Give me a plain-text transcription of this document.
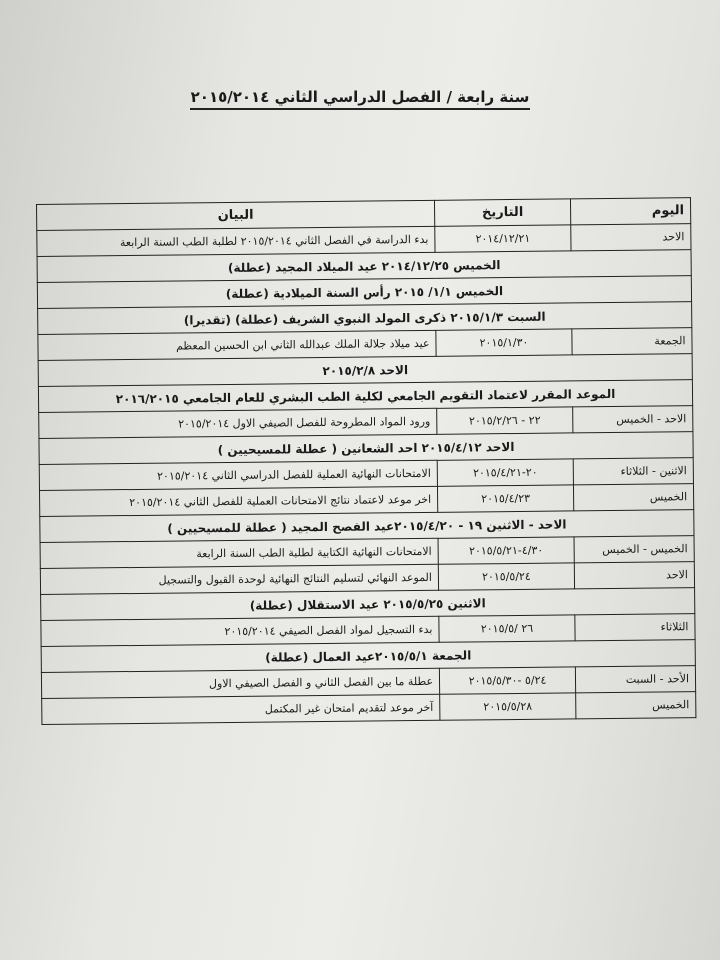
سنة رابعة / الفصل الدراسي الثاني ٢٠١٥/٢٠١٤
اليوم	التاريخ	البيان
الاحد	٢٠١٤/١٢/٢١	بدء الدراسة في الفصل الثاني ٢٠١٥/٢٠١٤ لطلبة الطب السنة الرابعة
الخميس ٢٠١٤/١٢/٢٥ عيد الميلاد المجيد (عطلة)		
الخميس ١/١/ ٢٠١٥ رأس السنة الميلادية (عطلة)		
السبت ٢٠١٥/١/٣ ذكرى المولد النبوي الشريف (عطلة) (تقديرا)		
الجمعة	٢٠١٥/١/٣٠	عيد ميلاد جلالة الملك عبدالله الثاني ابن الحسين المعظم
الاحد ٢٠١٥/٢/٨		
الموعد المقرر لاعتماد التقويم الجامعي لكلية الطب البشري للعام الجامعي ٢٠١٦/٢٠١٥		
الاحد - الخميس	٢٢ - ٢٠١٥/٢/٢٦	ورود المواد المطروحة للفصل الصيفي الاول ٢٠١٥/٢٠١٤
الاحد ٢٠١٥/٤/١٢ احد الشعانين ( عطلة للمسيحيين )		
الاثنين - الثلاثاء	٢٠-٢٠١٥/٤/٢١	الامتحانات النهائية العملية للفصل الدراسي الثاني ٢٠١٥/٢٠١٤
الخميس	٢٠١٥/٤/٢٣	اخر موعد لاعتماد نتائج الامتحانات العملية للفصل الثاني ٢٠١٥/٢٠١٤
الاحد - الاثنين ١٩ - ٢٠١٥/٤/٢٠عيد الفصح المجيد ( عطلة للمسيحيين )		
الخميس - الخميس	٤/٣٠-٢٠١٥/٥/٢١	الامتحانات النهائية الكتابية لطلبة الطب السنة الرابعة
الاحد	٢٠١٥/٥/٢٤	الموعد النهائي لتسليم النتائج النهائية لوحدة القبول والتسجيل
الاثنين ٢٠١٥/٥/٢٥ عيد الاستقلال (عطلة)		
الثلاثاء	٢٦ /٢٠١٥/٥	بدء التسجيل لمواد الفصل الصيفي ٢٠١٥/٢٠١٤
الجمعة ٢٠١٥/٥/١عيد العمال (عطلة)		
الأحد - السبت	٥/٢٤ -٢٠١٥/٥/٣٠	عطلة ما بين الفصل الثاني و الفصل الصيفي الاول
الخميس	٢٠١٥/٥/٢٨	آخر موعد لتقديم امتحان غير المكتمل
